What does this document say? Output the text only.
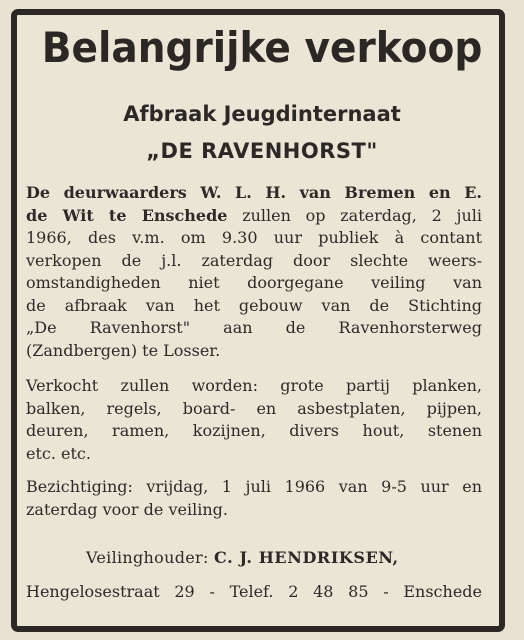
Belangrijke verkoop
Afbraak Jeugdinternaat
„DE RAVENHORST"
De deurwaarders W. L. H. van Bremen en E.
de Wit te Enschede zullen op zaterdag, 2 juli
1966, des v.m. om 9.30 uur publiek à contant
verkopen de j.l. zaterdag door slechte weers-
omstandigheden niet doorgegane veiling van
de afbraak van het gebouw van de Stichting
„De Ravenhorst" aan de Ravenhorsterweg
(Zandbergen) te Losser.
Verkocht zullen worden: grote partij planken,
balken, regels, board- en asbestplaten, pijpen,
deuren, ramen, kozijnen, divers hout, stenen
etc. etc.
Bezichtiging: vrijdag, 1 juli 1966 van 9-5 uur en
zaterdag voor de veiling.
Veilinghouder: C. J. HENDRIKSEN,
Hengelosestraat 29 - Telef. 2 48 85 - Enschede
